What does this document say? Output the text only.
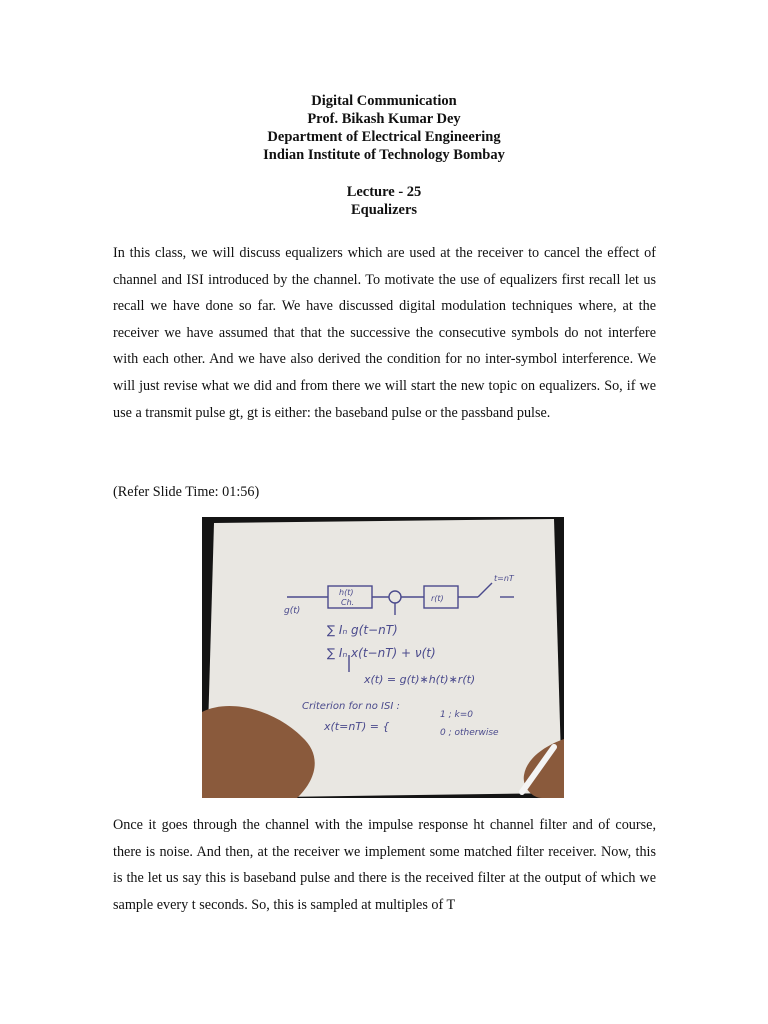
Digital Communication
Prof. Bikash Kumar Dey
Department of Electrical Engineering
Indian Institute of Technology Bombay
Lecture - 25
Equalizers

In this class, we will discuss equalizers which are used at the receiver to cancel the effect of channel and ISI introduced by the channel. To motivate the use of equalizers first recall let us recall we have done so far. We have discussed digital modulation techniques where, at the receiver we have assumed that that the successive the consecutive symbols do not interfere with each other. And we have also derived the condition for no inter-symbol interference. We will just revise what we did and from there we will start the new topic on equalizers. So, if we use a transmit pulse gt, gt is either: the baseband pulse or the passband pulse.

(Refer Slide Time: 01:56)
g(t)
h(t)
Ch.	r(t)
t=nT
∑ Iₙ g(t−nT)
∑ Iₙ x(t−nT) + ν(t)
x(t) = g(t)∗h(t)∗r(t)
Criterion for no ISI :
x(t=nT) = {
1 ; k=0
0 ; otherwise

Once it goes through the channel with the impulse response ht channel filter and of course, there is noise. And then, at the receiver we implement some matched filter receiver. Now, this is the let us say this is baseband pulse and there is the received filter at the output of which we sample every t seconds. So, this is sampled at multiples of T
